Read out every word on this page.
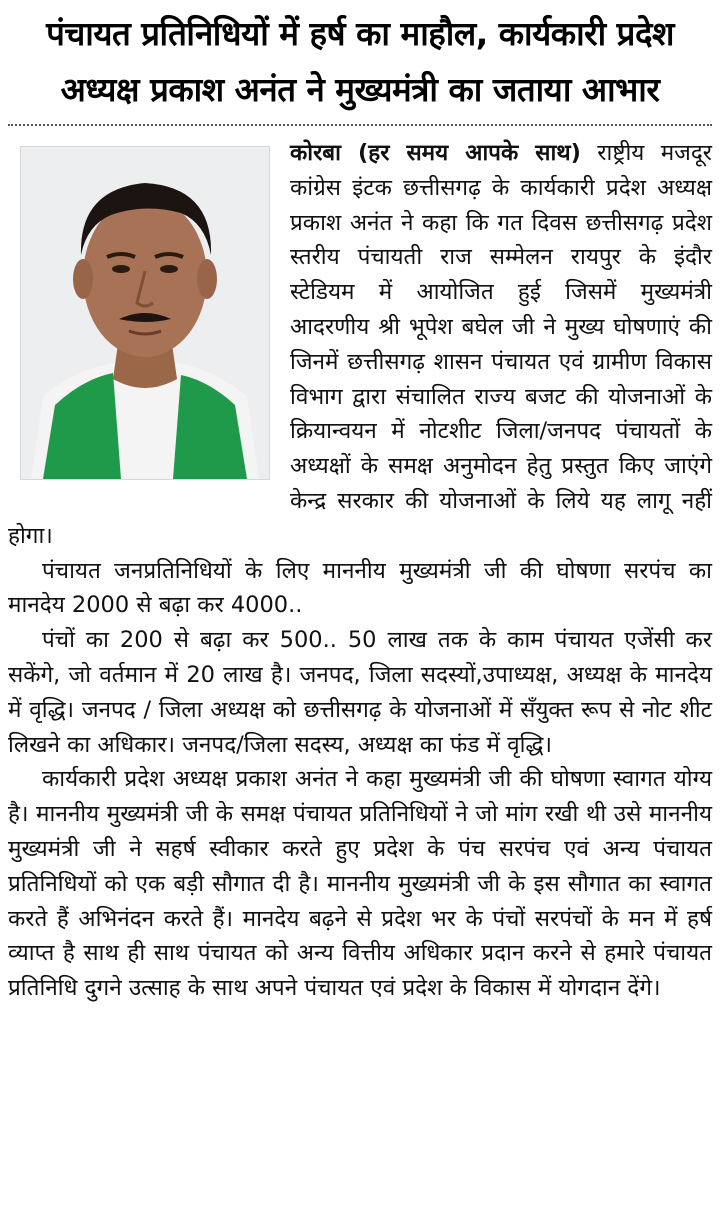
पंचायत प्रतिनिधियों में हर्ष का माहौल, कार्यकारी प्रदेश
अध्यक्ष प्रकाश अनंत ने मुख्यमंत्री का जताया आभार

कोरबा (हर समय आपके साथ) राष्ट्रीय मजदूर कांग्रेस इंटक छत्तीसगढ़ के कार्यकारी प्रदेश अध्यक्ष प्रकाश अनंत ने कहा कि गत दिवस छत्तीसगढ़ प्रदेश स्तरीय पंचायती राज सम्मेलन रायपुर के इंदौर स्टेडियम में आयोजित हुई जिसमें मुख्यमंत्री आदरणीय श्री भूपेश बघेल जी ने मुख्य घोषणाएं की जिनमें छत्तीसगढ़ शासन पंचायत एवं ग्रामीण विकास विभाग द्वारा संचालित राज्य बजट की योजनाओं के क्रियान्वयन में नोटशीट जिला/जनपद पंचायतों के अध्यक्षों के समक्ष अनुमोदन हेतु प्रस्तुत किए जाएंगे केन्द्र सरकार की योजनाओं के लिये यह लागू नहीं होगा।

पंचायत जनप्रतिनिधियों के लिए माननीय मुख्यमंत्री जी की घोषणा सरपंच का मानदेय 2000 से बढ़ा कर 4000..

पंचों का 200 से बढ़ा कर 500.. 50 लाख तक के काम पंचायत एजेंसी कर सकेंगे, जो वर्तमान में 20 लाख है। जनपद, जिला सदस्यों,उपाध्यक्ष, अध्यक्ष के मानदेय में वृद्धि। जनपद / जिला अध्यक्ष को छत्तीसगढ़ के योजनाओं में सँयुक्त रूप से नोट शीट लिखने का अधिकार। जनपद/जिला सदस्य, अध्यक्ष का फंड में वृद्धि।

कार्यकारी प्रदेश अध्यक्ष प्रकाश अनंत ने कहा मुख्यमंत्री जी की घोषणा स्वागत योग्य है। माननीय मुख्यमंत्री जी के समक्ष पंचायत प्रतिनिधियों ने जो मांग रखी थी उसे माननीय मुख्यमंत्री जी ने सहर्ष स्वीकार करते हुए प्रदेश के पंच सरपंच एवं अन्य पंचायत प्रतिनिधियों को एक बड़ी सौगात दी है। माननीय मुख्यमंत्री जी के इस सौगात का स्वागत करते हैं अभिनंदन करते हैं। मानदेय बढ़ने से प्रदेश भर के पंचों सरपंचों के मन में हर्ष व्याप्त है साथ ही साथ पंचायत को अन्य वित्तीय अधिकार प्रदान करने से हमारे पंचायत प्रतिनिधि दुगने उत्साह के साथ अपने पंचायत एवं प्रदेश के विकास में योगदान देंगे।
